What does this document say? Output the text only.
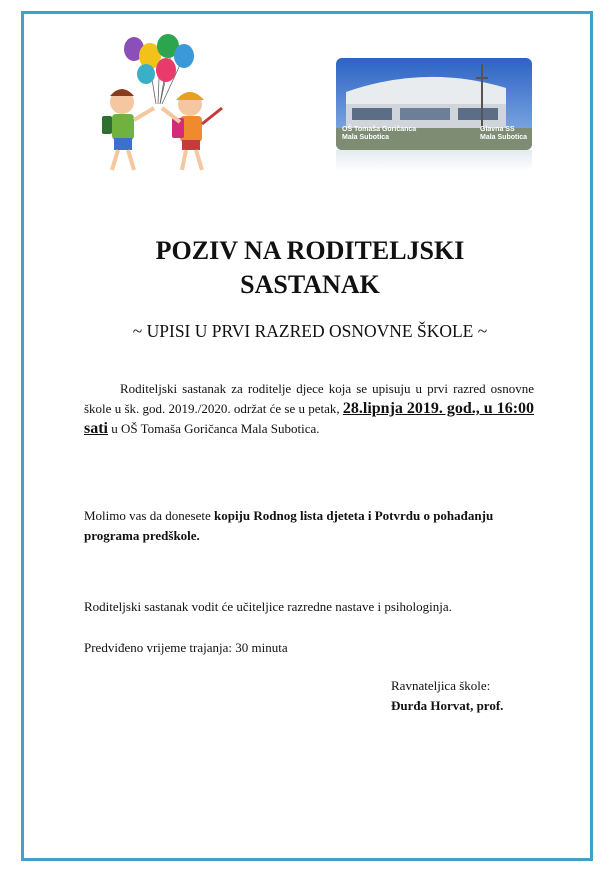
OŠ Tomaša Goričanca
Mala Subotica
Glavna SS
Mala Subotica
POZIV NA RODITELJSKI
SASTANAK
~ UPISI U PRVI RAZRED OSNOVNE ŠKOLE ~
Roditeljski sastanak za roditelje djece koja se upisuju u prvi razred osnovne škole u šk. god. 2019./2020. održat će se u petak, 28.lipnja 2019. god., u 16:00 sati u OŠ Tomaša Goričanca Mala Subotica.
Molimo vas da donesete kopiju Rodnog lista djeteta i Potvrdu o pohađanju programa predškole.
Roditeljski sastanak vodit će učiteljice razredne nastave i psihologinja.
Predviđeno vrijeme trajanja: 30 minuta
Ravnateljica škole:
Đurđa Horvat, prof.
